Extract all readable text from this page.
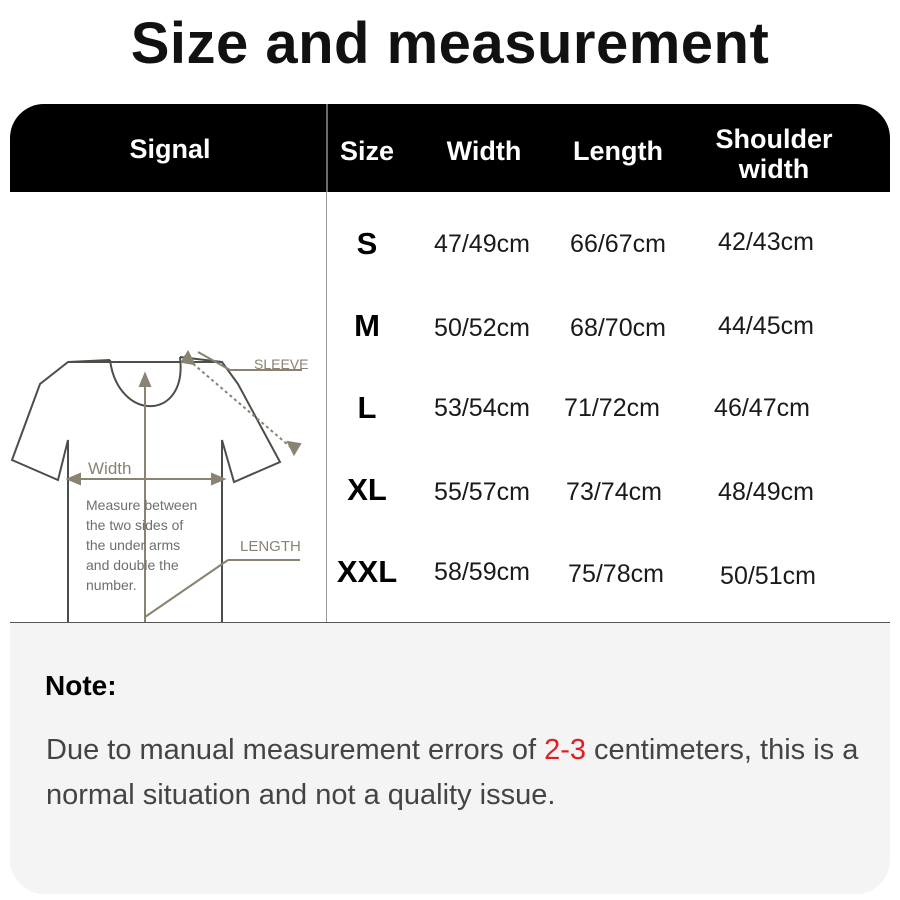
Size and measurement
Signal	Size	Width	Length	Shoulder
width
SLEEVE
Width
LENGTH
Measure between
the two sides of
the under arms
and double the
number.
S	47/49cm	66/67cm	42/43cm
M	50/52cm	68/70cm	44/45cm
L	53/54cm	71/72cm	46/47cm
XL	55/57cm	73/74cm	48/49cm
XXL	58/59cm	75/78cm	50/51cm
Note:
Due to manual measurement errors of 2-3 centimeters, this is a normal situation and not a quality issue.
